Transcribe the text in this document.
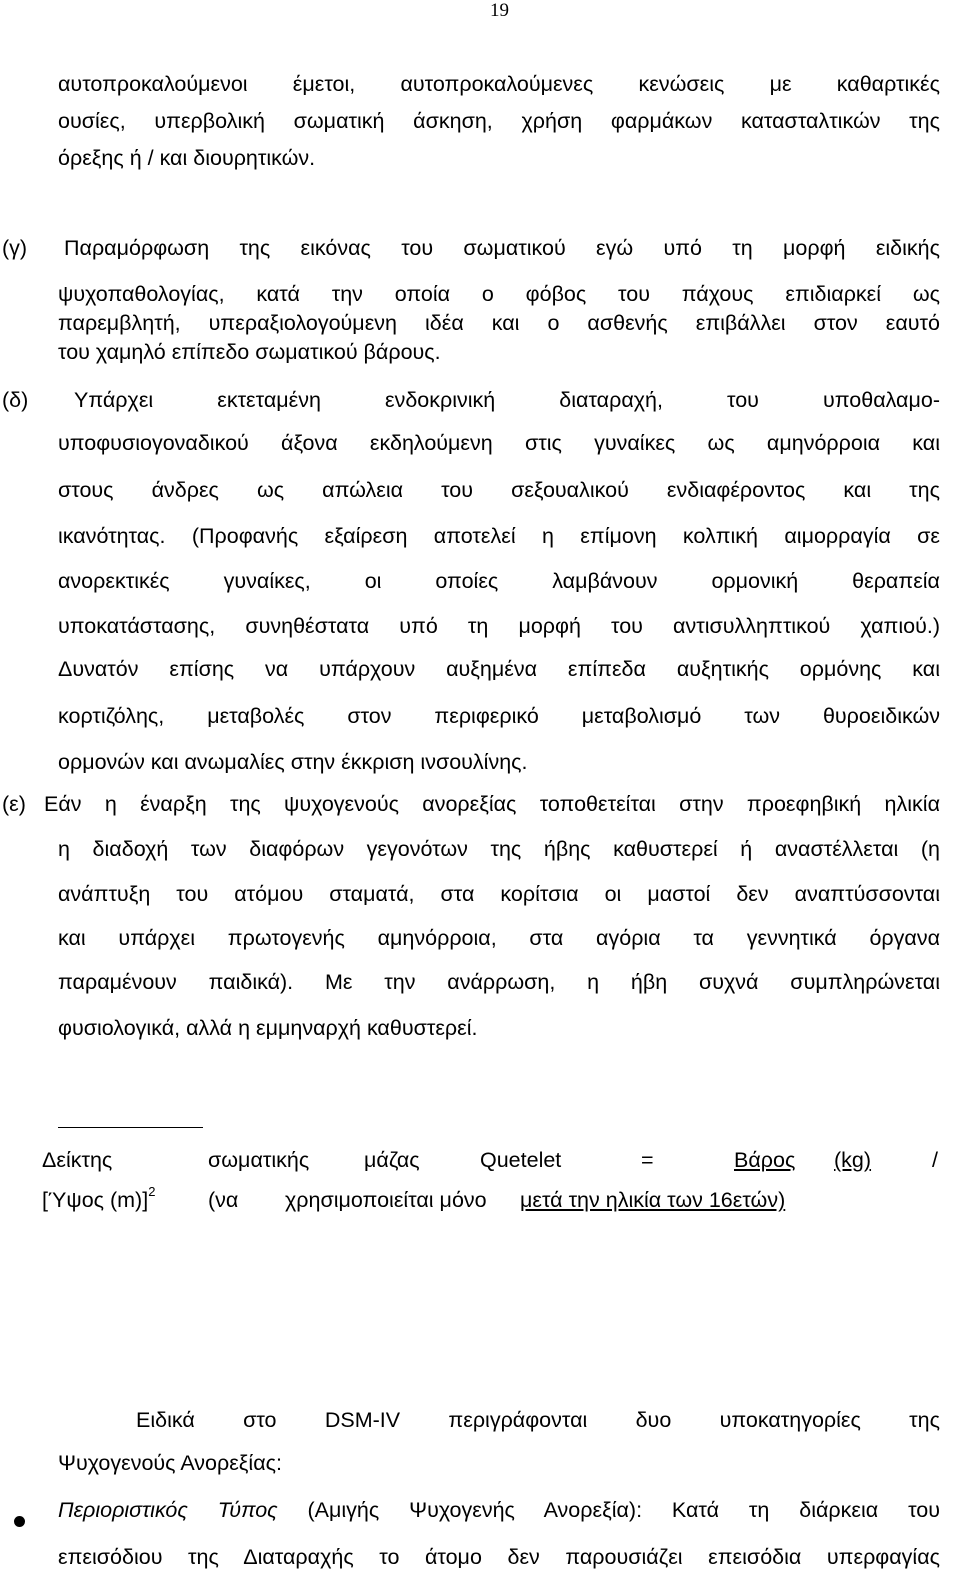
19
αυτοπροκαλούμενοι έμετοι, αυτοπροκαλούμενες κενώσεις με καθαρτικές
ουσίες, υπερβολική σωματική άσκηση, χρήση φαρμάκων κατασταλτικών της
όρεξης ή / και διουρητικών.
(γ) Παραμόρφωση της εικόνας του σωματικού εγώ υπό τη μορφή ειδικής
ψυχοπαθολογίας, κατά την οποία ο φόβος του πάχους επιδιαρκεί ως
παρεμβλητή, υπεραξιολογούμενη ιδέα και ο ασθενής επιβάλλει στον εαυτό
του χαμηλό επίπεδο σωματικού βάρους.
(δ) Υπάρχει εκτεταμένη ενδοκρινική διαταραχή, του υποθαλαμο-
υποφυσιογοναδικού άξονα εκδηλούμενη στις γυναίκες ως αμηνόρροια και
στους άνδρες ως απώλεια του σεξουαλικού ενδιαφέροντος και της
ικανότητας. (Προφανής εξαίρεση αποτελεί η επίμονη κολπική αιμορραγία σε
ανορεκτικές γυναίκες, οι οποίες λαμβάνουν ορμονική θεραπεία
υποκατάστασης, συνηθέστατα υπό τη μορφή του αντισυλληπτικού χαπιού.)
Δυνατόν επίσης να υπάρχουν αυξημένα επίπεδα αυξητικής ορμόνης και
κορτιζόλης, μεταβολές στον περιφερικό μεταβολισμό των θυροειδικών
ορμονών και ανωμαλίες στην έκκριση ινσουλίνης.
(ε) Εάν η έναρξη της ψυχογενούς ανορεξίας τοποθετείται στην προεφηβική ηλικία
η διαδοχή των διαφόρων γεγονότων της ήβης καθυστερεί ή αναστέλλεται (η
ανάπτυξη του ατόμου σταματά, στα κορίτσια οι μαστοί δεν αναπτύσσονται
και υπάρχει πρωτογενής αμηνόρροια, στα αγόρια τα γεννητικά όργανα
παραμένουν παιδικά). Με την ανάρρωση, η ήβη συχνά συμπληρώνεται
φυσιολογικά, αλλά η εμμηναρχή καθυστερεί.
Δείκτης	σωματικής	μάζας	Quetelet	=	Βάρος (kg)	/
[Ύψος (m)]$^2$ (να χρησιμοποιείται μόνο μετά την ηλικία των 16ετών)
Ειδικά στο DSM-IV περιγράφονται δυο υποκατηγορίες της
Ψυχογενούς Ανορεξίας:
Περιοριστικός Τύπος (Αμιγής Ψυχογενής Ανορεξία): Κατά τη διάρκεια του
επεισόδιου της Διαταραχής το άτομο δεν παρουσιάζει επεισόδια υπερφαγίας
